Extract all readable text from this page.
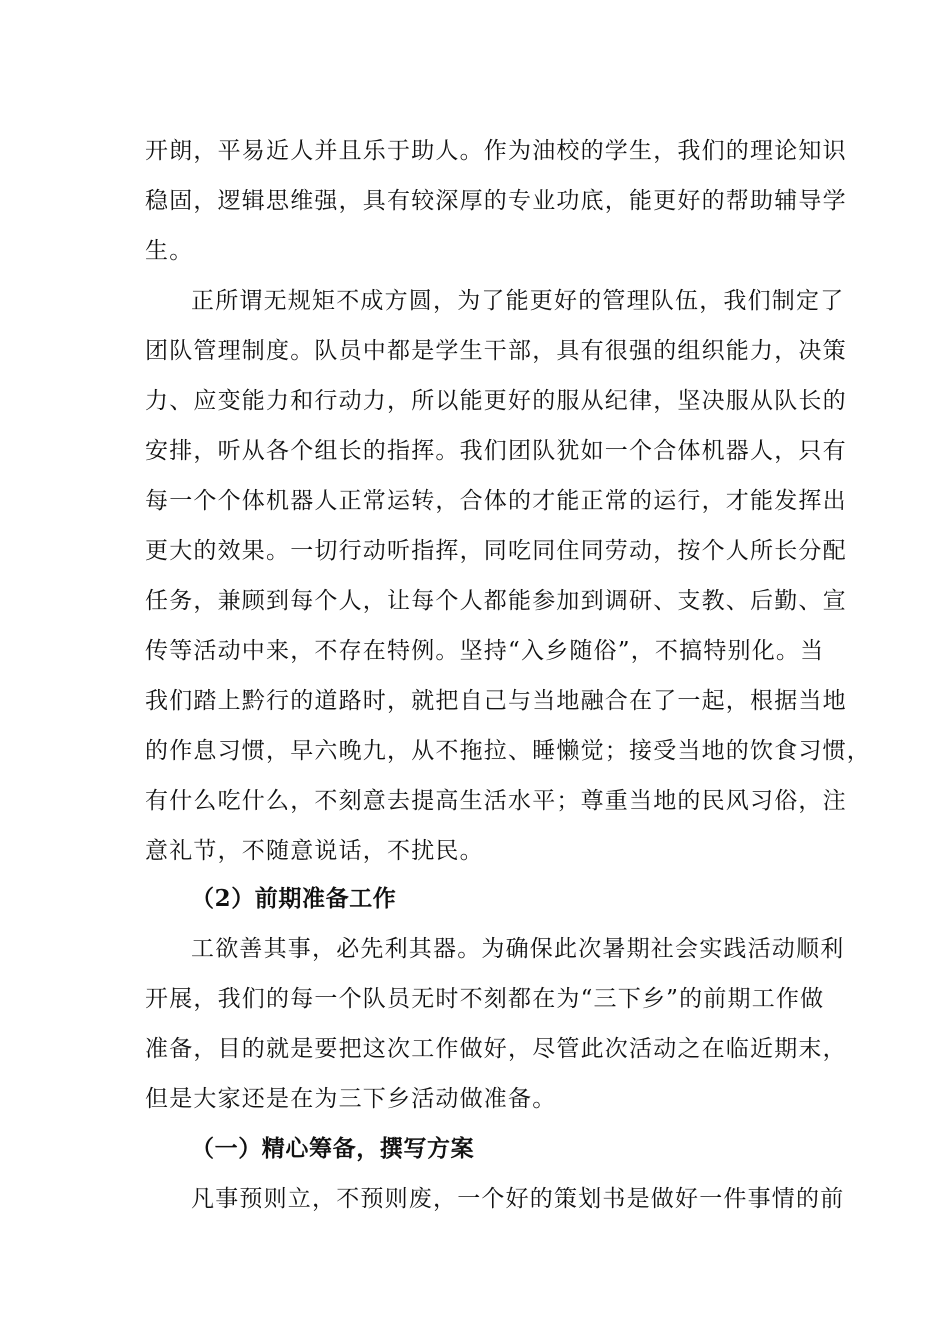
开朗，平易近人并且乐于助人。作为油校的学生，我们的理论知识
稳固，逻辑思维强，具有较深厚的专业功底，能更好的帮助辅导学
生。
正所谓无规矩不成方圆，为了能更好的管理队伍，我们制定了
团队管理制度。队员中都是学生干部，具有很强的组织能力，决策
力、应变能力和行动力，所以能更好的服从纪律，坚决服从队长的
安排，听从各个组长的指挥。我们团队犹如一个合体机器人，只有
每一个个体机器人正常运转，合体的才能正常的运行，才能发挥出
更大的效果。一切行动听指挥，同吃同住同劳动，按个人所长分配
任务，兼顾到每个人，让每个人都能参加到调研、支教、后勤、宣
传等活动中来，不存在特例。坚持“入乡随俗”，不搞特别化。当
我们踏上黔行的道路时，就把自己与当地融合在了一起，根据当地
的作息习惯，早六晚九，从不拖拉、睡懒觉；接受当地的饮食习惯，
有什么吃什么，不刻意去提高生活水平；尊重当地的民风习俗，注
意礼节，不随意说话，不扰民。
（2）前期准备工作
工欲善其事，必先利其器。为确保此次暑期社会实践活动顺利
开展，我们的每一个队员无时不刻都在为“三下乡”的前期工作做
准备，目的就是要把这次工作做好，尽管此次活动之在临近期末，
但是大家还是在为三下乡活动做准备。
（一）精心筹备，撰写方案
凡事预则立，不预则废，一个好的策划书是做好一件事情的前
